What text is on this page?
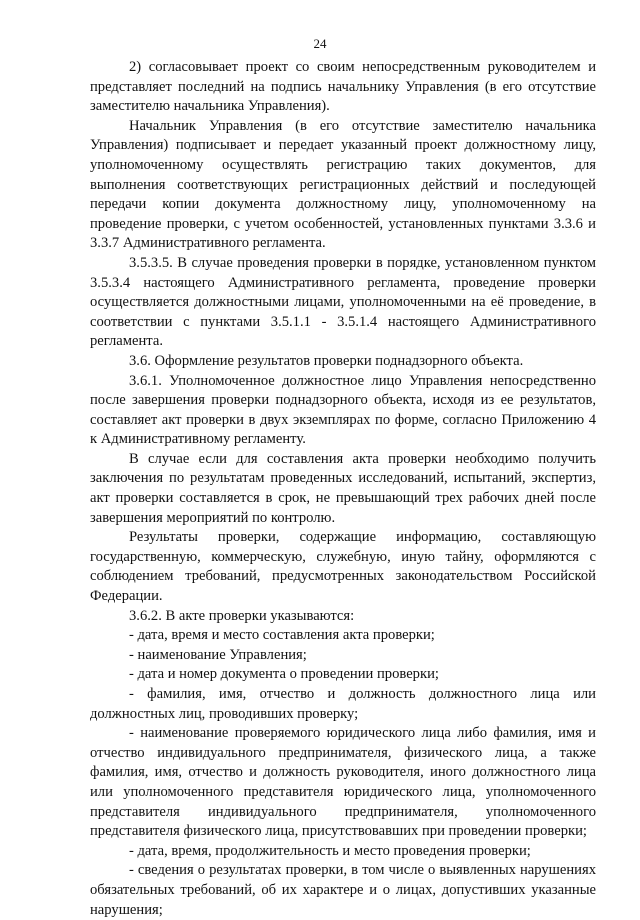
24

2) согласовывает проект со своим непосредственным руководителем и представляет последний на подпись начальнику Управления (в его отсутствие заместителю начальника Управления).

Начальник Управления (в его отсутствие заместителю начальника Управления) подписывает и передает указанный проект должностному лицу, уполномоченному осуществлять регистрацию таких документов, для выполнения соответствующих регистрационных действий и последующей передачи копии документа должностному лицу, уполномоченному на проведение проверки, с учетом особенностей, установленных пунктами 3.3.6 и 3.3.7 Административного регламента.

3.5.3.5. В случае проведения проверки в порядке, установленном пунктом 3.5.3.4 настоящего Административного регламента, проведение проверки осуществляется должностными лицами, уполномоченными на её проведение, в соответствии с пунктами 3.5.1.1 - 3.5.1.4 настоящего Административного регламента.

3.6. Оформление результатов проверки поднадзорного объекта.

3.6.1. Уполномоченное должностное лицо Управления непосредственно после завершения проверки поднадзорного объекта, исходя из ее результатов, составляет акт проверки в двух экземплярах по форме, согласно Приложению 4 к Административному регламенту.

В случае если для составления акта проверки необходимо получить заключения по результатам проведенных исследований, испытаний, экспертиз, акт проверки составляется в срок, не превышающий трех рабочих дней после завершения мероприятий по контролю.

Результаты проверки, содержащие информацию, составляющую государственную, коммерческую, служебную, иную тайну, оформляются с соблюдением требований, предусмотренных законодательством Российской Федерации.

3.6.2. В акте проверки указываются:

- дата, время и место составления акта проверки;

- наименование Управления;

- дата и номер документа о проведении проверки;

- фамилия, имя, отчество и должность должностного лица или должностных лиц, проводивших проверку;

- наименование проверяемого юридического лица либо фамилия, имя и отчество индивидуального предпринимателя, физического лица, а также фамилия, имя, отчество и должность руководителя, иного должностного лица или уполномоченного представителя юридического лица, уполномоченного представителя индивидуального предпринимателя, уполномоченного представителя физического лица, присутствовавших при проведении проверки;

- дата, время, продолжительность и место проведения проверки;

- сведения о результатах проверки, в том числе о выявленных нарушениях обязательных требований, об их характере и о лицах, допустивших указанные нарушения;
